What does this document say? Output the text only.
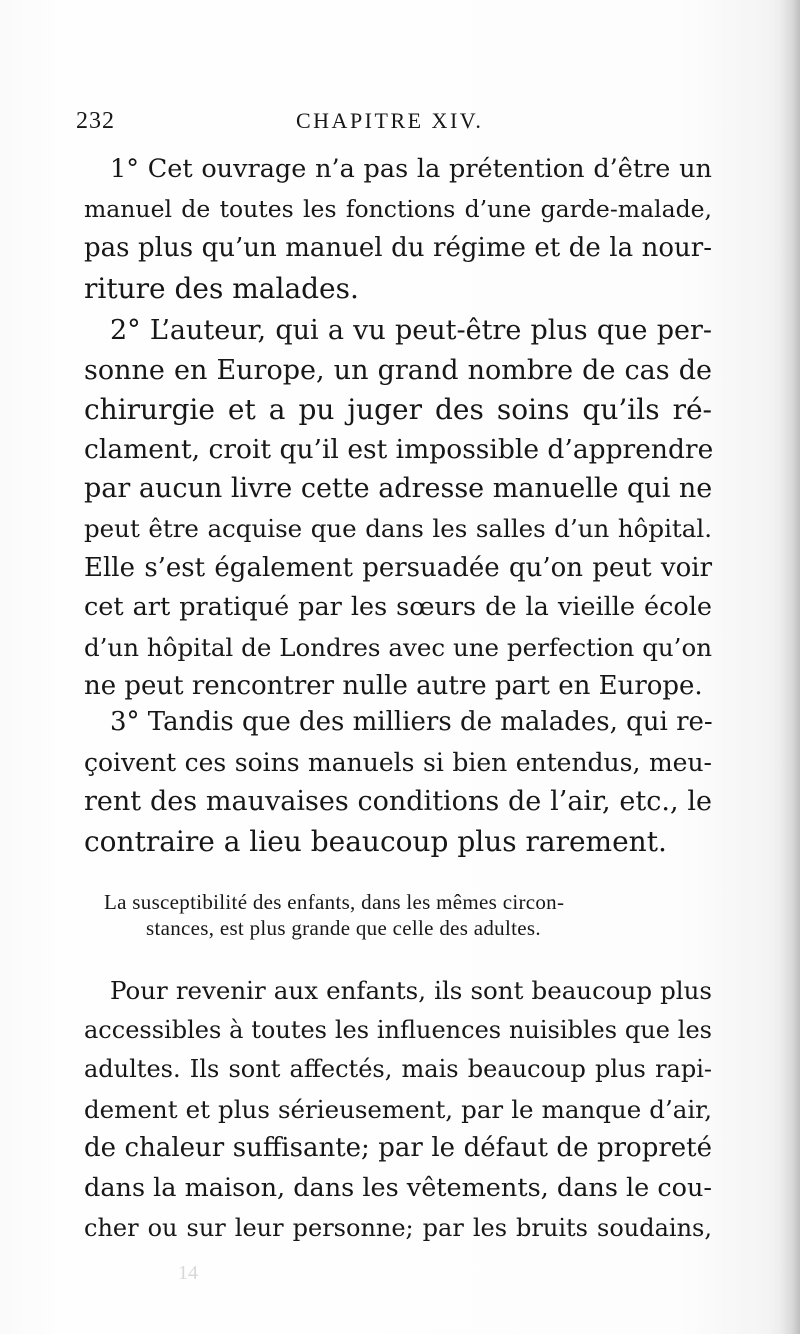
232	CHAPITRE XIV.
1° Cet ouvrage n’a pas la prétention d’être un
manuel de toutes les fonctions d’une garde-malade,
pas plus qu’un manuel du régime et de la nour-
riture des malades.
2° L’auteur, qui a vu peut-être plus que per-
sonne en Europe, un grand nombre de cas de
chirurgie et a pu juger des soins qu’ils ré-
clament, croit qu’il est impossible d’apprendre
par aucun livre cette adresse manuelle qui ne
peut être acquise que dans les salles d’un hôpital.
Elle s’est également persuadée qu’on peut voir
cet art pratiqué par les sœurs de la vieille école
d’un hôpital de Londres avec une perfection qu’on
ne peut rencontrer nulle autre part en Europe.
3° Tandis que des milliers de malades, qui re-
çoivent ces soins manuels si bien entendus, meu-
rent des mauvaises conditions de l’air, etc., le
contraire a lieu beaucoup plus rarement.
La susceptibilité des enfants, dans les mêmes circon-
stances, est plus grande que celle des adultes.
Pour revenir aux enfants, ils sont beaucoup plus
accessibles à toutes les influences nuisibles que les
adultes. Ils sont affectés, mais beaucoup plus rapi-
dement et plus sérieusement, par le manque d’air,
de chaleur suffisante; par le défaut de propreté
dans la maison, dans les vêtements, dans le cou-
cher ou sur leur personne; par les bruits soudains,
14
